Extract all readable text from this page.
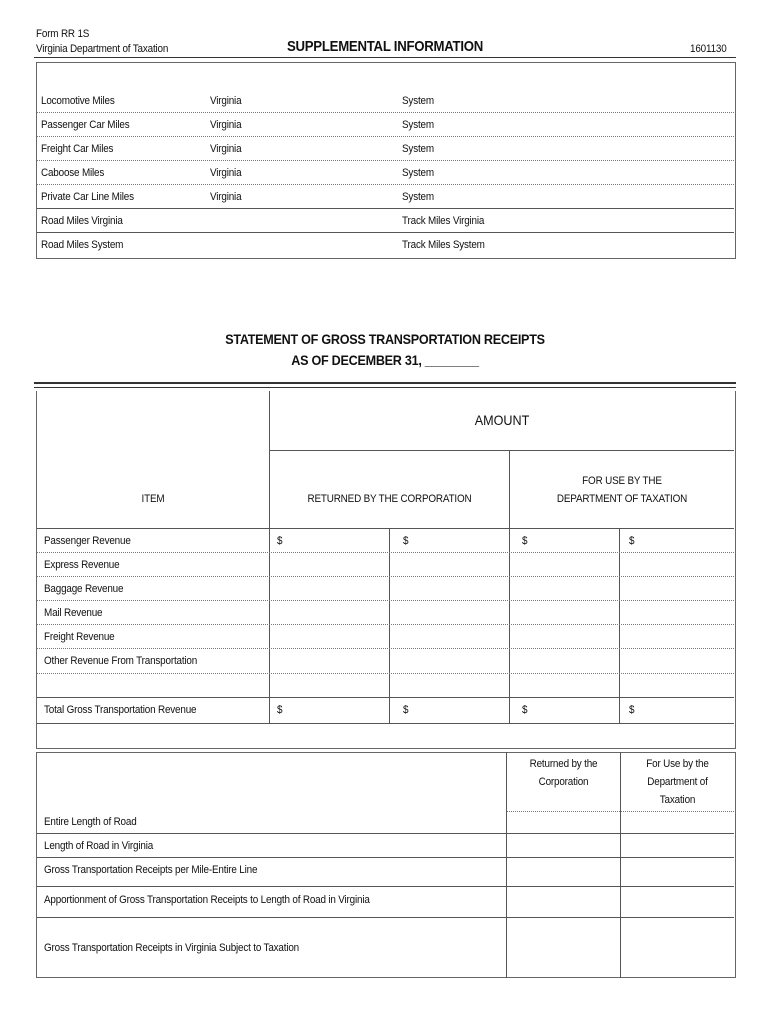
Form RR 1S
Virginia Department of Taxation	SUPPLEMENTAL INFORMATION	1601130
Locomotive Miles	Virginia	System
Passenger Car Miles	Virginia	System
Freight Car Miles	Virginia	System
Caboose Miles	Virginia	System
Private Car Line Miles	Virginia	System
Road Miles Virginia	Track Miles Virginia
Road Miles System	Track Miles System
STATEMENT OF GROSS TRANSPORTATION RECEIPTS
AS OF DECEMBER 31, ________
AMOUNT
ITEM	RETURNED BY THE CORPORATION
FOR USE BY THE
DEPARTMENT OF TAXATION
Passenger Revenue	$	$	$	$
Express Revenue
Baggage Revenue
Mail Revenue
Freight Revenue
Other Revenue From Transportation
Total Gross Transportation Revenue	$	$	$	$
Returned by the
Corporation
For Use by the
Department of
Taxation
Entire Length of Road
Length of Road in Virginia
Gross Transportation Receipts per Mile-Entire Line
Apportionment of Gross Transportation Receipts to Length of Road in Virginia
Gross Transportation Receipts in Virginia Subject to Taxation
